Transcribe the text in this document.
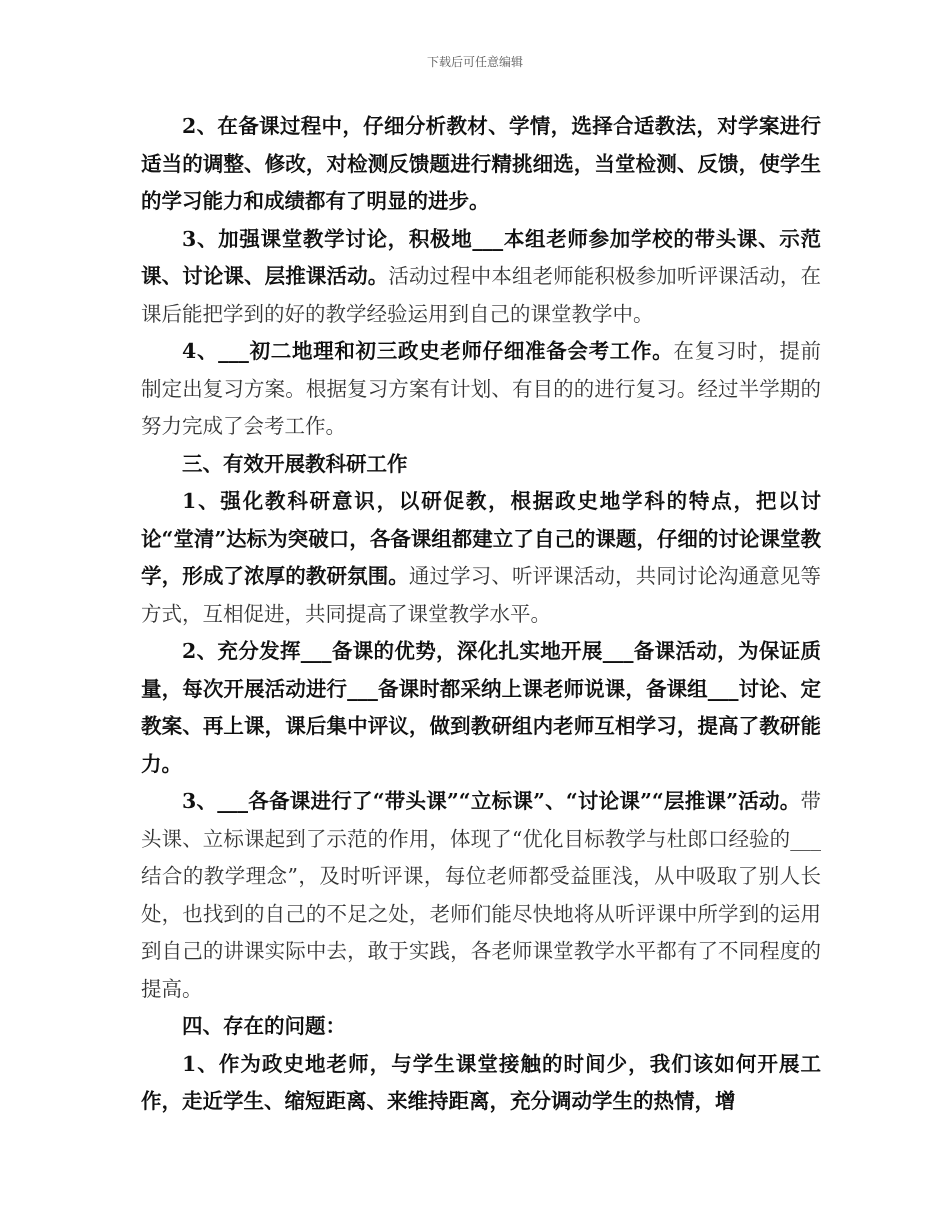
下载后可任意编辑

2、在备课过程中，仔细分析教材、学情，选择合适教法，对学案进行适当的调整、修改，对检测反馈题进行精挑细选，当堂检测、反馈，使学生的学习能力和成绩都有了明显的进步。

3、加强课堂教学讨论，积极地___本组老师参加学校的带头课、示范课、讨论课、层推课活动。活动过程中本组老师能积极参加听评课活动，在课后能把学到的好的教学经验运用到自己的课堂教学中。

4、___初二地理和初三政史老师仔细准备会考工作。在复习时，提前制定出复习方案。根据复习方案有计划、有目的的进行复习。经过半学期的努力完成了会考工作。

三、有效开展教科研工作

1、强化教科研意识，以研促教，根据政史地学科的特点，把以讨论“堂清”达标为突破口，各备课组都建立了自己的课题，仔细的讨论课堂教学，形成了浓厚的教研氛围。通过学习、听评课活动，共同讨论沟通意见等方式，互相促进，共同提高了课堂教学水平。

2、充分发挥___备课的优势，深化扎实地开展___备课活动，为保证质量，每次开展活动进行___备课时都采纳上课老师说课，备课组___讨论、定教案、再上课，课后集中评议，做到教研组内老师互相学习，提高了教研能力。

3、___各备课进行了“带头课”“立标课”、“讨论课”“层推课”活动。带头课、立标课起到了示范的作用，体现了“优化目标教学与杜郎口经验的___结合的教学理念”，及时听评课，每位老师都受益匪浅，从中吸取了别人长处，也找到的自己的不足之处，老师们能尽快地将从听评课中所学到的运用到自己的讲课实际中去，敢于实践，各老师课堂教学水平都有了不同程度的提高。

四、存在的问题：

1、作为政史地老师，与学生课堂接触的时间少，我们该如何开展工作，走近学生、缩短距离、来维持距离，充分调动学生的热情，增
